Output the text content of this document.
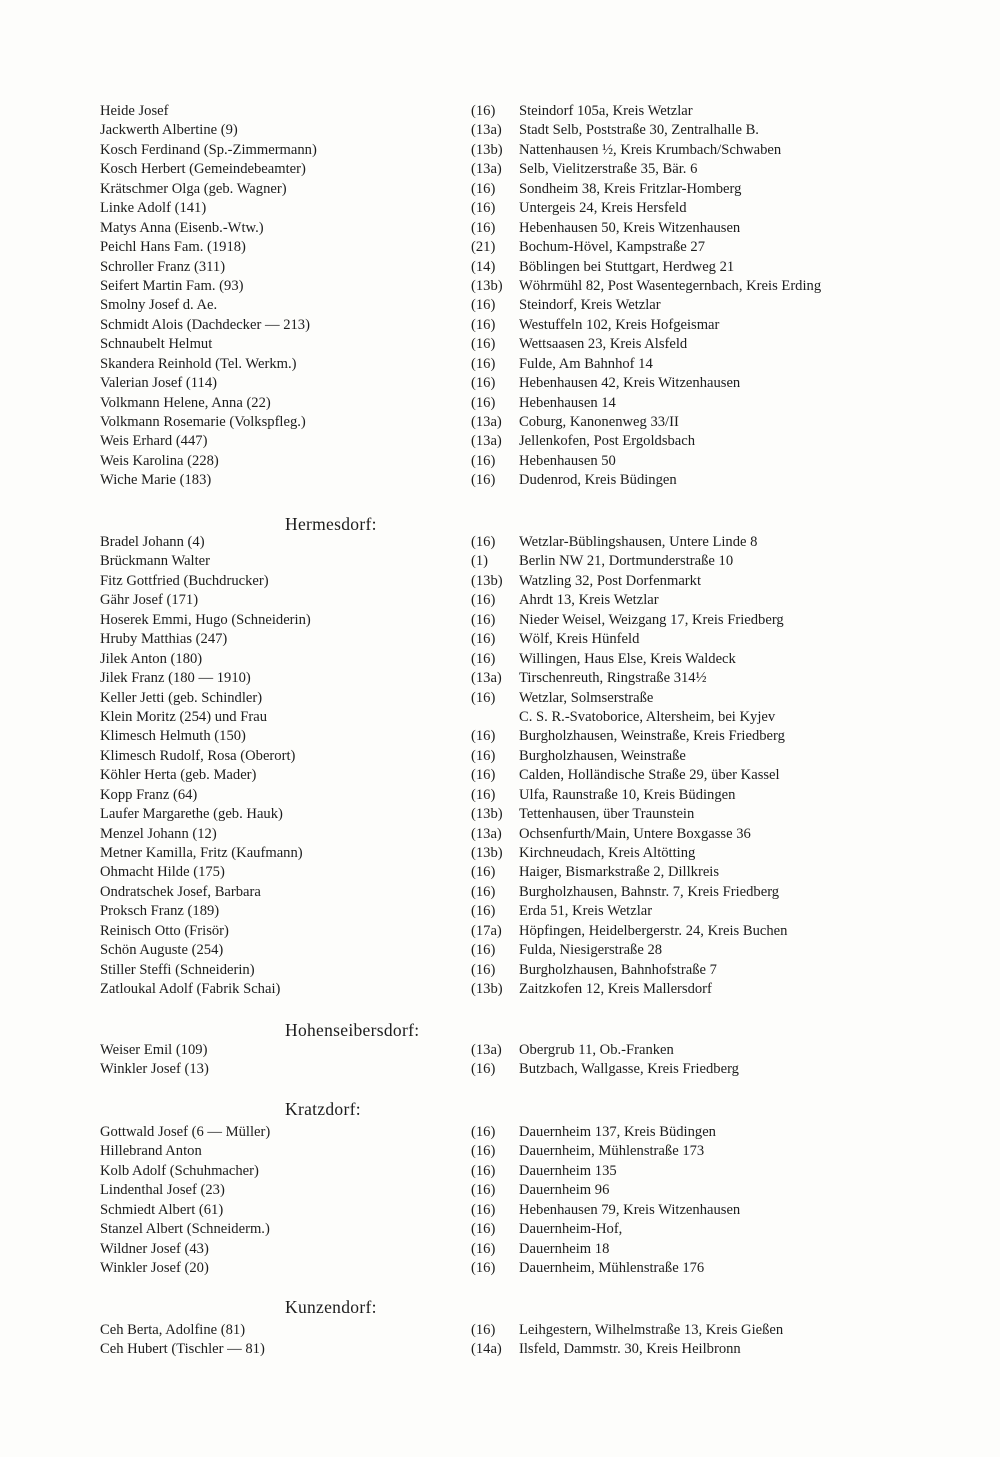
Heide Josef	(16) Steindorf 105a, Kreis Wetzlar
Jackwerth Albertine (9)	(13a) Stadt Selb, Poststraße 30, Zentralhalle B.
Kosch Ferdinand (Sp.-Zimmermann)	(13b) Nattenhausen ½, Kreis Krumbach/Schwaben
Kosch Herbert (Gemeindebeamter)	(13a) Selb, Vielitzerstraße 35, Bär. 6
Krätschmer Olga (geb. Wagner)	(16) Sondheim 38, Kreis Fritzlar-Homberg
Linke Adolf (141)	(16) Untergeis 24, Kreis Hersfeld
Matys Anna (Eisenb.-Wtw.)	(16) Hebenhausen 50, Kreis Witzenhausen
Peichl Hans Fam. (1918)	(21) Bochum-Hövel, Kampstraße 27
Schroller Franz (311)	(14) Böblingen bei Stuttgart, Herdweg 21
Seifert Martin Fam. (93)	(13b) Wöhrmühl 82, Post Wasentegernbach, Kreis Erding
Smolny Josef d. Ae.	(16) Steindorf, Kreis Wetzlar
Schmidt Alois (Dachdecker — 213)	(16) Westuffeln 102, Kreis Hofgeismar
Schnaubelt Helmut	(16) Wettsaasen 23, Kreis Alsfeld
Skandera Reinhold (Tel. Werkm.)	(16) Fulde, Am Bahnhof 14
Valerian Josef (114)	(16) Hebenhausen 42, Kreis Witzenhausen
Volkmann Helene, Anna (22)	(16) Hebenhausen 14
Volkmann Rosemarie (Volkspfleg.)	(13a) Coburg, Kanonenweg 33/II
Weis Erhard (447)	(13a) Jellenkofen, Post Ergoldsbach
Weis Karolina (228)	(16) Hebenhausen 50
Wiche Marie (183)	(16) Dudenrod, Kreis Büdingen
Hermesdorf:
Bradel Johann (4)	(16) Wetzlar-Büblingshausen, Untere Linde 8
Brückmann Walter	(1) Berlin NW 21, Dortmunderstraße 10
Fitz Gottfried (Buchdrucker)	(13b) Watzling 32, Post Dorfenmarkt
Gähr Josef (171)	(16) Ahrdt 13, Kreis Wetzlar
Hoserek Emmi, Hugo (Schneiderin)	(16) Nieder Weisel, Weizgang 17, Kreis Friedberg
Hruby Matthias (247)	(16) Wölf, Kreis Hünfeld
Jilek Anton (180)	(16) Willingen, Haus Else, Kreis Waldeck
Jilek Franz (180 — 1910)	(13a) Tirschenreuth, Ringstraße 314½
Keller Jetti (geb. Schindler)	(16) Wetzlar, Solmserstraße
Klein Moritz (254) und Frau	C. S. R.-Svatoborice, Altersheim, bei Kyjev
Klimesch Helmuth (150)	(16) Burgholzhausen, Weinstraße, Kreis Friedberg
Klimesch Rudolf, Rosa (Oberort)	(16) Burgholzhausen, Weinstraße
Köhler Herta (geb. Mader)	(16) Calden, Holländische Straße 29, über Kassel
Kopp Franz (64)	(16) Ulfa, Raunstraße 10, Kreis Büdingen
Laufer Margarethe (geb. Hauk)	(13b) Tettenhausen, über Traunstein
Menzel Johann (12)	(13a) Ochsenfurth/Main, Untere Boxgasse 36
Metner Kamilla, Fritz (Kaufmann)	(13b) Kirchneudach, Kreis Altötting
Ohmacht Hilde (175)	(16) Haiger, Bismarkstraße 2, Dillkreis
Ondratschek Josef, Barbara	(16) Burgholzhausen, Bahnstr. 7, Kreis Friedberg
Proksch Franz (189)	(16) Erda 51, Kreis Wetzlar
Reinisch Otto (Frisör)	(17a) Höpfingen, Heidelbergerstr. 24, Kreis Buchen
Schön Auguste (254)	(16) Fulda, Niesigerstraße 28
Stiller Steffi (Schneiderin)	(16) Burgholzhausen, Bahnhofstraße 7
Zatloukal Adolf (Fabrik Schai)	(13b) Zaitzkofen 12, Kreis Mallersdorf
Hohenseibersdorf:
Weiser Emil (109)	(13a) Obergrub 11, Ob.-Franken
Winkler Josef (13)	(16) Butzbach, Wallgasse, Kreis Friedberg
Kratzdorf:
Gottwald Josef (6 — Müller)	(16) Dauernheim 137, Kreis Büdingen
Hillebrand Anton	(16) Dauernheim, Mühlenstraße 173
Kolb Adolf (Schuhmacher)	(16) Dauernheim 135
Lindenthal Josef (23)	(16) Dauernheim 96
Schmiedt Albert (61)	(16) Hebenhausen 79, Kreis Witzenhausen
Stanzel Albert (Schneiderm.)	(16) Dauernheim-Hof,
Wildner Josef (43)	(16) Dauernheim 18
Winkler Josef (20)	(16) Dauernheim, Mühlenstraße 176
Kunzendorf:
Ceh Berta, Adolfine (81)	(16) Leihgestern, Wilhelmstraße 13, Kreis Gießen
Ceh Hubert (Tischler — 81)	(14a) Ilsfeld, Dammstr. 30, Kreis Heilbronn
